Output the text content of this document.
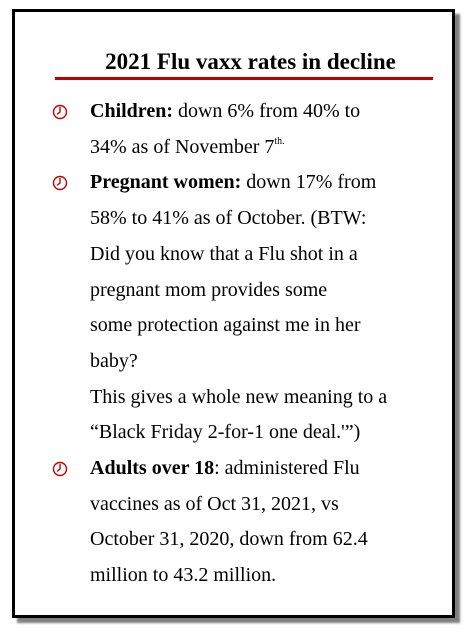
2021 Flu vaxx rates in decline
Children: down 6% from 40% to
34% as of November $7^{th.}$
Pregnant women: down 17% from
58% to 41% as of October. (BTW:
Did you know that a Flu shot in a
pregnant mom provides some
some protection against me in her
baby?
This gives a whole new meaning to a
“Black Friday 2-for-1 one deal.'”)
Adults over 18: administered Flu
vaccines as of Oct 31, 2021, vs
October 31, 2020, down from 62.4
million to 43.2 million.
